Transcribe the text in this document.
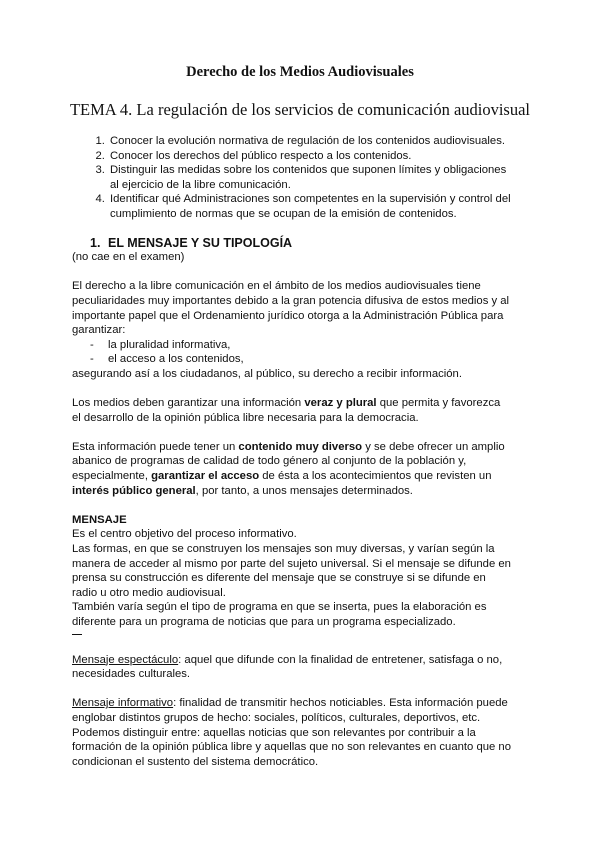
Derecho de los Medios Audiovisuales
TEMA 4. La regulación de los servicios de comunicación audiovisual
1. Conocer la evolución normativa de regulación de los contenidos audiovisuales.
2. Conocer los derechos del público respecto a los contenidos.
3. Distinguir las medidas sobre los contenidos que suponen límites y obligaciones al ejercicio de la libre comunicación.
4. Identificar qué Administraciones son competentes en la supervisión y control del cumplimiento de normas que se ocupan de la emisión de contenidos.
1. EL MENSAJE Y SU TIPOLOGÍA

(no cae en el examen)

El derecho a la libre comunicación en el ámbito de los medios audiovisuales tiene peculiaridades muy importantes debido a la gran potencia difusiva de estos medios y al importante papel que el Ordenamiento jurídico otorga a la Administración Pública para garantizar:

- la pluralidad informativa,
- el acceso a los contenidos,

asegurando así a los ciudadanos, al público, su derecho a recibir información.

Los medios deben garantizar una información veraz y plural que permita y favorezca el desarrollo de la opinión pública libre necesaria para la democracia.

Esta información puede tener un contenido muy diverso y se debe ofrecer un amplio abanico de programas de calidad de todo género al conjunto de la población y, especialmente, garantizar el acceso de ésta a los acontecimientos que revisten un interés público general, por tanto, a unos mensajes determinados.

MENSAJE

Es el centro objetivo del proceso informativo.

Las formas, en que se construyen los mensajes son muy diversas, y varían según la manera de acceder al mismo por parte del sujeto universal. Si el mensaje se difunde en prensa su construcción es diferente del mensaje que se construye si se difunde en radio u otro medio audiovisual.

También varía según el tipo de programa en que se inserta, pues la elaboración es diferente para un programa de noticias que para un programa especializado.

Mensaje espectáculo: aquel que difunde con la finalidad de entretener, satisfaga o no, necesidades culturales.

Mensaje informativo: finalidad de transmitir hechos noticiables. Esta información puede englobar distintos grupos de hecho: sociales, políticos, culturales, deportivos, etc. Podemos distinguir entre: aquellas noticias que son relevantes por contribuir a la formación de la opinión pública libre y aquellas que no son relevantes en cuanto que no condicionan el sustento del sistema democrático.
